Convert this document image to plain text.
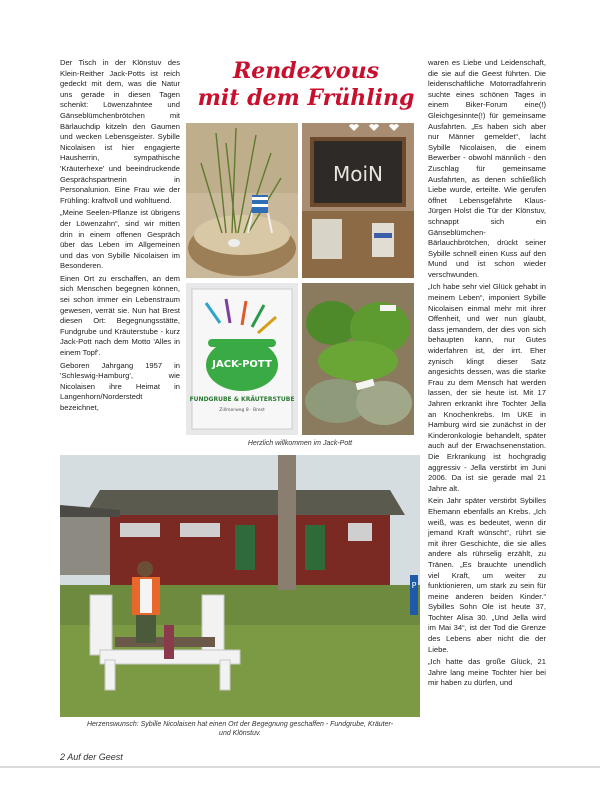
Der Tisch in der Klönstuv des Klein-Reither Jack-Potts ist reich gedeckt mit dem, was die Natur uns gerade in diesen Tagen schenkt: Löwenzahntee und Gänseblümchenbrötchen mit Bärlauchdip kitzeln den Gaumen und wecken Lebensgeister. Sybille Nicolaisen ist hier engagierte Hausherrin, sympathische 'Kräuterhexe' und beeindruckende Gesprächspartnerin in Personalunion. Eine Frau wie der Frühling: kraftvoll und wohltuend.

„Meine Seelen-Pflanze ist übrigens der Löwenzahn“, sind wir mitten drin in einem offenen Gespräch über das Leben im Allgemeinen und das von Sybille Nicolaisen im Besonderen.

Einen Ort zu erschaffen, an dem sich Menschen begegnen können, sei schon immer ein Lebenstraum gewesen, verrät sie. Nun hat Brest diesen Ort: Begegnungsstätte, Fundgrube und Kräuterstube - kurz Jack-Pott nach dem Motto 'Alles in einem Topf'.

Geboren Jahrgang 1957 in 'Schleswig-Hamburg', wie Nicolaisen ihre Heimat in Langenhorn/Norderstedt bezeichnet,

Rendezvous
mit dem Frühling
MoiN
JACK-POTT
FUNDGRUBE & KRÄUTERSTUBE
Zillmerweg 8 · Brest
Herzlich willkommen im Jack-Pott
P
Herzenswunsch: Sybille Nicolaisen hat einen Ort der Begegnung geschaffen - Fundgrube, Kräuter- und Klönstuv.

waren es Liebe und Leidenschaft, die sie auf die Geest führten. Die leidenschaftliche Motorradfahrerin suchte eines schönen Tages in einem Biker-Forum eine(!) Gleichgesinnte(!) für gemeinsame Ausfahrten. „Es haben sich aber nur Männer gemeldet“, lacht Sybille Nicolaisen, die einem Bewerber - obwohl männlich - den Zuschlag für gemeinsame Ausfahrten, as denen schließlich Liebe wurde, erteilte. Wie gerufen öffnet Lebensgefährte Klaus-Jürgen Holst die Tür der Klönstuv, schnappt sich ein Gänseblümchen-Bärlauchbrötchen, drückt seiner Sybille schnell einen Kuss auf den Mund und ist schon wieder verschwunden.

„Ich habe sehr viel Glück gehabt in meinem Leben“, imponiert Sybille Nicolaisen einmal mehr mit ihrer Offenheit, und wer nun glaubt, dass jemandem, der dies von sich behaupten kann, nur Gutes widerfahren ist, der irrt. Eher zynisch klingt dieser Satz angesichts dessen, was die starke Frau zu dem Mensch hat werden lassen, der sie heute ist. Mit 17 Jahren erkrankt ihre Tochter Jella an Knochenkrebs. Im UKE in Hamburg wird sie zunächst in der Kinderonkologie behandelt, später auch auf der Erwachsenenstation. Die Erkrankung ist hochgradig aggressiv - Jella verstirbt im Juni 2006. Da ist sie gerade mal 21 Jahre alt.

Kein Jahr später verstirbt Sybilles Ehemann ebenfalls an Krebs. „Ich weiß, was es bedeutet, wenn dir jemand Kraft wünscht“, rührt sie mit ihrer Geschichte, die sie alles andere als rührselig erzählt, zu Tränen. „Es brauchte unendlich viel Kraft, um weiter zu funktionieren, um stark zu sein für meine anderen beiden Kinder.“ Sybilles Sohn Ole ist heute 37, Tochter Alisa 30. „Und Jella wird im Mai 34“, ist der Tod die Grenze des Lebens aber nicht die der Liebe.

„Ich hatte das große Glück, 21 Jahre lang meine Tochter hier bei mir haben zu dürfen, und

2 Auf der Geest
